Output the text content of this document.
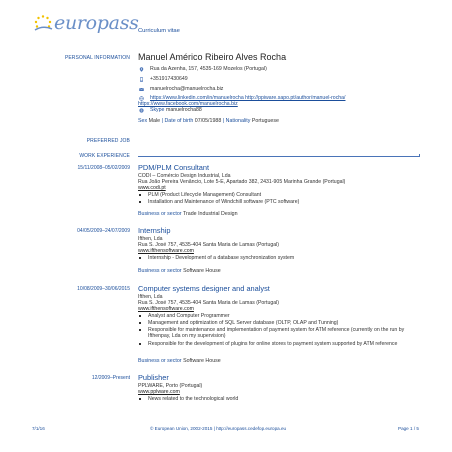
europass Curriculum vitae
PERSONAL INFORMATION Manuel Américo Ribeiro Alves Rocha
Rua da Azenha, 157, 4535-169 Mozelos (Portugal)
+351917430649
manuelrocha@manuelrocha.biz
https://www.linkedin.com/in/manuelrocha http://ppiware.sapo.pt/author/manuel-rocha/
https://www.facebook.com/manuelrocha.biz
S Skype manuelrocha88
Sex Male | Date of birth 07/05/1988 | Nationality Portuguese
PREFERRED JOB
WORK EXPERIENCE
15/11/2008–05/02/2009 PDM/PLM Consultant
CODI – Comércio Design Industrial, Lda
Rua João Pereira Venâncio, Lote 5-E, Apartado 382, 2431-905 Marinha Grande (Portugal)
www.codi.pt
PLM (Product Lifecycle Management) Consultant
Installation and Maintenance of Windchill software (PTC software)
Business or sector Trade Industrial Design
04/05/2009–24/07/2009 Internship
Ifthen, Lda
Rua S. José 757, 4535-404 Santa Maria de Lamas (Portugal)
www.ifthensoftware.com
Internship - Development of a database synchronization system
Business or sector Software House
10/08/2009–30/06/2015 Computer systems designer and analyst
Ifthen, Lda
Rua S. José 757, 4535-404 Santa Maria de Lamas (Portugal)
www.ifthensoftware.com
Analyst and Computer Programmer
Management and optimization of SQL Server database (OLTP, OLAP and Tunning)
Responsible for maintenance and implementation of payment system for ATM reference (currently on the run by Ifthenpay, Lda on my supervision)
Responsible for the development of plugins for online stores to payment system supported by ATM reference
Business or sector Software House
12/2009–Present Publisher
PPLWARE, Porto (Portugal)
www.pplware.com
News related to the technological world
7/1/16	© European Union, 2002-2015 | http://europass.cedefop.europa.eu	Page 1 / 5
